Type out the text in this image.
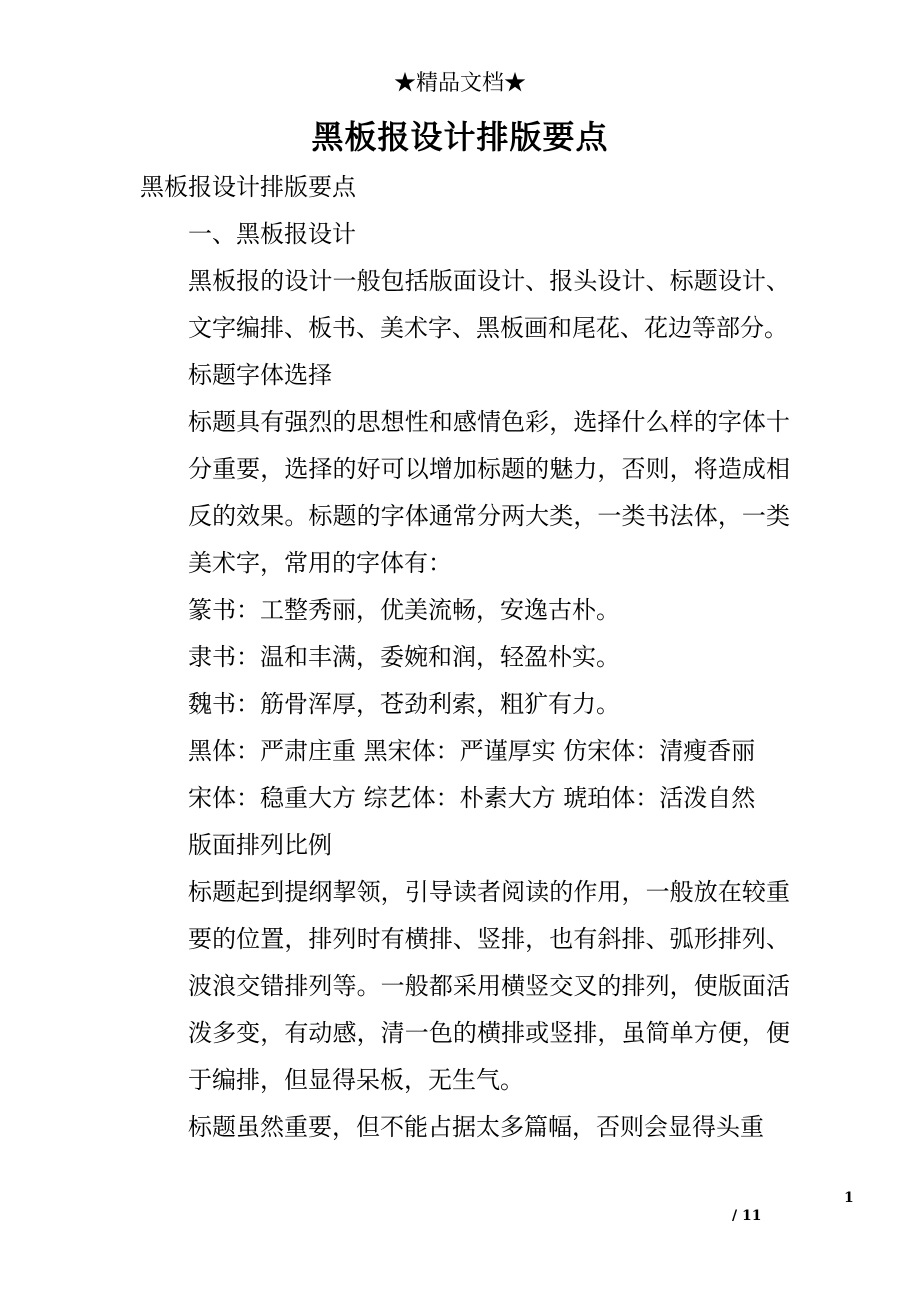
★精品文档★
黑板报设计排版要点

黑板报设计排版要点

一、黑板报设计

黑板报的设计一般包括版面设计、报头设计、标题设计、文字编排、板书、美术字、黑板画和尾花、花边等部分。

标题字体选择

标题具有强烈的思想性和感情色彩，选择什么样的字体十分重要，选择的好可以增加标题的魅力，否则，将造成相反的效果。标题的字体通常分两大类，一类书法体，一类美术字，常用的字体有：

篆书：工整秀丽，优美流畅，安逸古朴。

隶书：温和丰满，委婉和润，轻盈朴实。

魏书：筋骨浑厚，苍劲利索，粗犷有力。

黑体：严肃庄重 黑宋体：严谨厚实 仿宋体：清瘦香丽

宋体：稳重大方 综艺体：朴素大方 琥珀体：活泼自然

版面排列比例

标题起到提纲挈领，引导读者阅读的作用，一般放在较重要的位置，排列时有横排、竖排，也有斜排、弧形排列、波浪交错排列等。一般都采用横竖交叉的排列，使版面活泼多变，有动感，清一色的横排或竖排，虽简单方便，便于编排，但显得呆板，无生气。

标题虽然重要，但不能占据太多篇幅，否则会显得头重

1
/ 11
